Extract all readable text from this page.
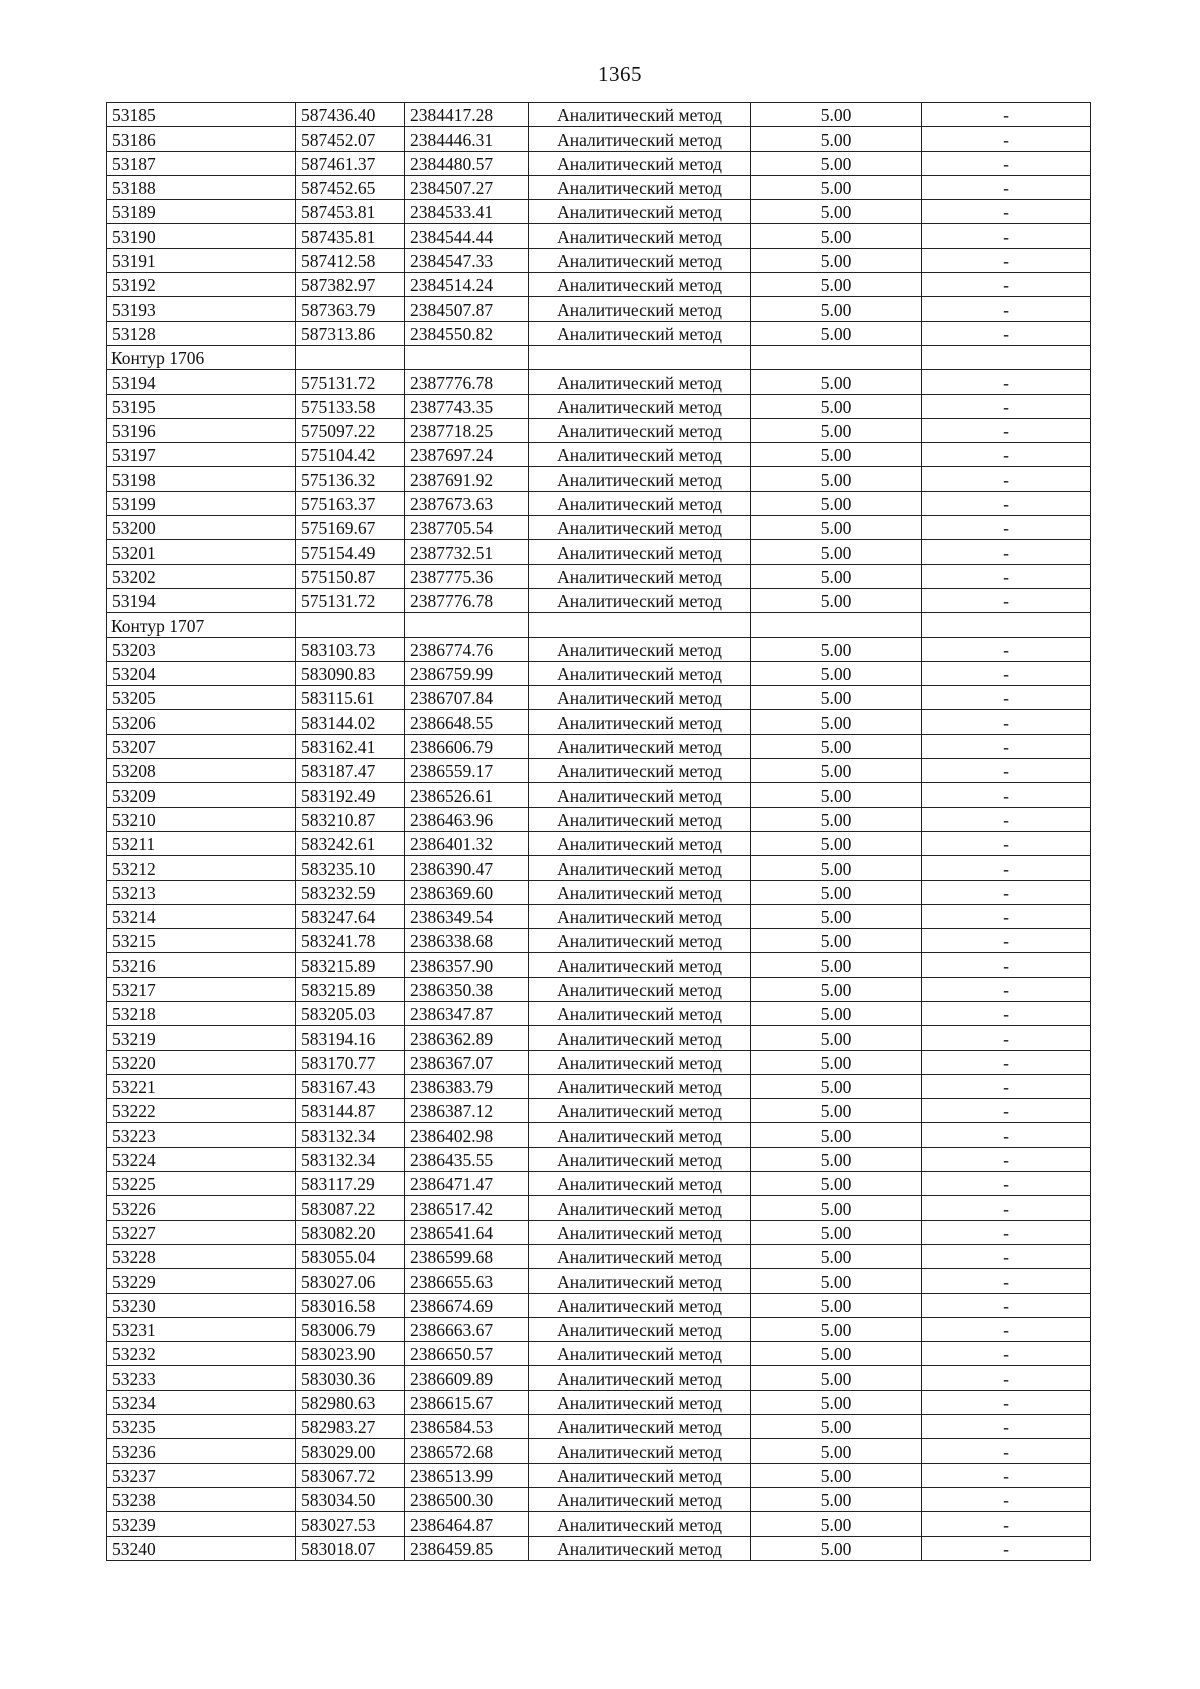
1365
53185	587436.40	2384417.28	Аналитический метод	5.00	-
53186	587452.07	2384446.31	Аналитический метод	5.00	-
53187	587461.37	2384480.57	Аналитический метод	5.00	-
53188	587452.65	2384507.27	Аналитический метод	5.00	-
53189	587453.81	2384533.41	Аналитический метод	5.00	-
53190	587435.81	2384544.44	Аналитический метод	5.00	-
53191	587412.58	2384547.33	Аналитический метод	5.00	-
53192	587382.97	2384514.24	Аналитический метод	5.00	-
53193	587363.79	2384507.87	Аналитический метод	5.00	-
53128	587313.86	2384550.82	Аналитический метод	5.00	-
Контур 1706					
53194	575131.72	2387776.78	Аналитический метод	5.00	-
53195	575133.58	2387743.35	Аналитический метод	5.00	-
53196	575097.22	2387718.25	Аналитический метод	5.00	-
53197	575104.42	2387697.24	Аналитический метод	5.00	-
53198	575136.32	2387691.92	Аналитический метод	5.00	-
53199	575163.37	2387673.63	Аналитический метод	5.00	-
53200	575169.67	2387705.54	Аналитический метод	5.00	-
53201	575154.49	2387732.51	Аналитический метод	5.00	-
53202	575150.87	2387775.36	Аналитический метод	5.00	-
53194	575131.72	2387776.78	Аналитический метод	5.00	-
Контур 1707					
53203	583103.73	2386774.76	Аналитический метод	5.00	-
53204	583090.83	2386759.99	Аналитический метод	5.00	-
53205	583115.61	2386707.84	Аналитический метод	5.00	-
53206	583144.02	2386648.55	Аналитический метод	5.00	-
53207	583162.41	2386606.79	Аналитический метод	5.00	-
53208	583187.47	2386559.17	Аналитический метод	5.00	-
53209	583192.49	2386526.61	Аналитический метод	5.00	-
53210	583210.87	2386463.96	Аналитический метод	5.00	-
53211	583242.61	2386401.32	Аналитический метод	5.00	-
53212	583235.10	2386390.47	Аналитический метод	5.00	-
53213	583232.59	2386369.60	Аналитический метод	5.00	-
53214	583247.64	2386349.54	Аналитический метод	5.00	-
53215	583241.78	2386338.68	Аналитический метод	5.00	-
53216	583215.89	2386357.90	Аналитический метод	5.00	-
53217	583215.89	2386350.38	Аналитический метод	5.00	-
53218	583205.03	2386347.87	Аналитический метод	5.00	-
53219	583194.16	2386362.89	Аналитический метод	5.00	-
53220	583170.77	2386367.07	Аналитический метод	5.00	-
53221	583167.43	2386383.79	Аналитический метод	5.00	-
53222	583144.87	2386387.12	Аналитический метод	5.00	-
53223	583132.34	2386402.98	Аналитический метод	5.00	-
53224	583132.34	2386435.55	Аналитический метод	5.00	-
53225	583117.29	2386471.47	Аналитический метод	5.00	-
53226	583087.22	2386517.42	Аналитический метод	5.00	-
53227	583082.20	2386541.64	Аналитический метод	5.00	-
53228	583055.04	2386599.68	Аналитический метод	5.00	-
53229	583027.06	2386655.63	Аналитический метод	5.00	-
53230	583016.58	2386674.69	Аналитический метод	5.00	-
53231	583006.79	2386663.67	Аналитический метод	5.00	-
53232	583023.90	2386650.57	Аналитический метод	5.00	-
53233	583030.36	2386609.89	Аналитический метод	5.00	-
53234	582980.63	2386615.67	Аналитический метод	5.00	-
53235	582983.27	2386584.53	Аналитический метод	5.00	-
53236	583029.00	2386572.68	Аналитический метод	5.00	-
53237	583067.72	2386513.99	Аналитический метод	5.00	-
53238	583034.50	2386500.30	Аналитический метод	5.00	-
53239	583027.53	2386464.87	Аналитический метод	5.00	-
53240	583018.07	2386459.85	Аналитический метод	5.00	-
